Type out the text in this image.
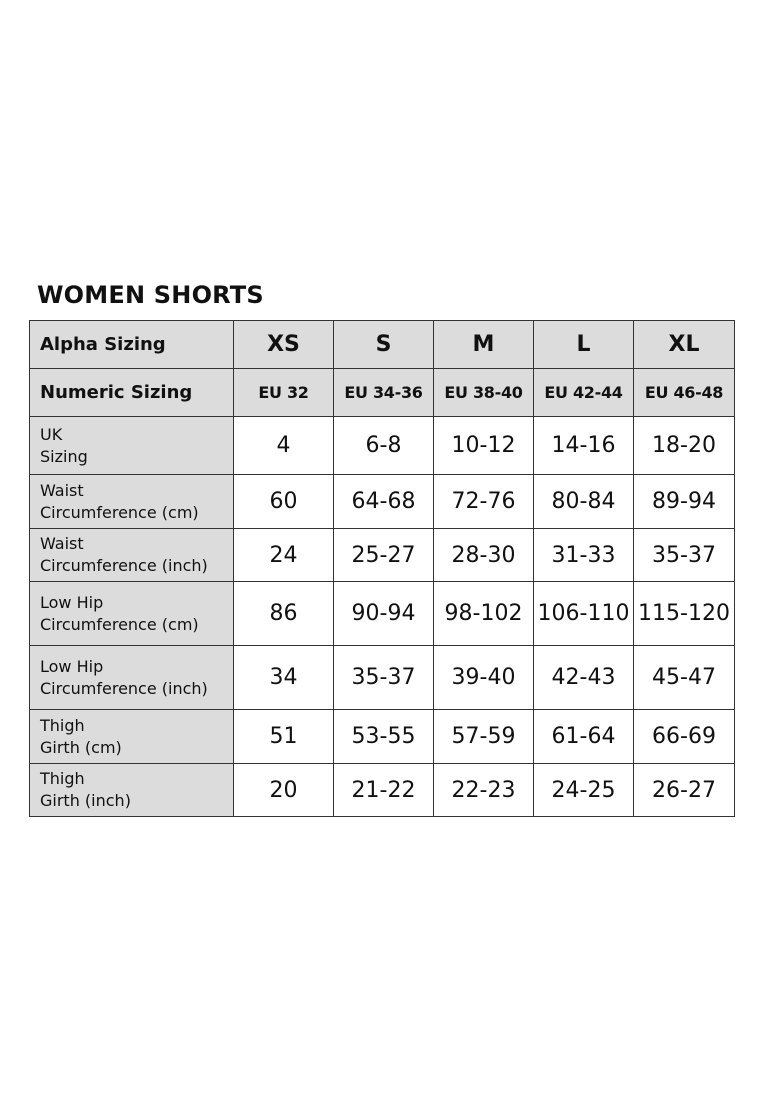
WOMEN SHORTS
Alpha Sizing	XS	S	M	L	XL
Numeric Sizing	EU 32	EU 34-36	EU 38-40	EU 42-44	EU 46-48

UK
Sizing	4	6-8	10-12	14-16	18-20

Waist
Circumference (cm)	60	64-68	72-76	80-84	89-94

Waist
Circumference (inch)	24	25-27	28-30	31-33	35-37

Low Hip
Circumference (cm)	86	90-94	98-102	106-110	115-120

Low Hip
Circumference (inch)	34	35-37	39-40	42-43	45-47

Thigh
Girth (cm)	51	53-55	57-59	61-64	66-69

Thigh
Girth (inch)	20	21-22	22-23	24-25	26-27
